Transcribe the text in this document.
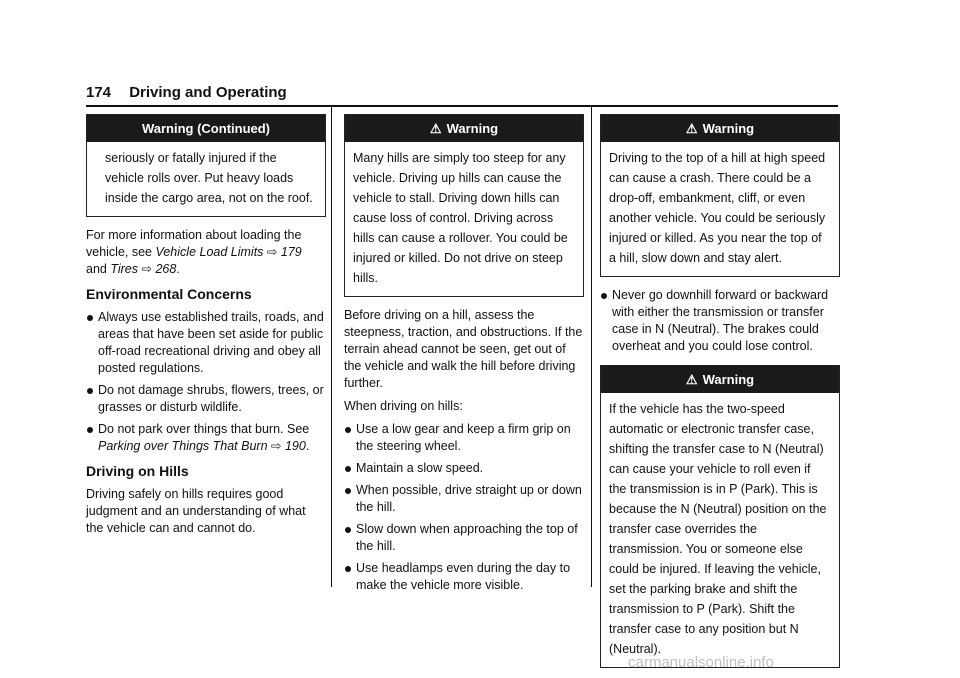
174 Driving and Operating
Warning (Continued)
seriously or fatally injured if the vehicle rolls over. Put heavy loads inside the cargo area, not on the roof.

For more information about loading the vehicle, see Vehicle Load Limits ⇨ 179 and Tires ⇨ 268.

Environmental Concerns
Always use established trails, roads, and areas that have been set aside for public off-road recreational driving and obey all posted regulations.
Do not damage shrubs, flowers, trees, or grasses or disturb wildlife.
Do not park over things that burn. See Parking over Things That Burn ⇨ 190.
Driving on Hills

Driving safely on hills requires good judgment and an understanding of what the vehicle can and cannot do.

⚠ Warning
Many hills are simply too steep for any vehicle. Driving up hills can cause the vehicle to stall. Driving down hills can cause loss of control. Driving across hills can cause a rollover. You could be injured or killed. Do not drive on steep hills.

Before driving on a hill, assess the steepness, traction, and obstructions. If the terrain ahead cannot be seen, get out of the vehicle and walk the hill before driving further.

When driving on hills:

Use a low gear and keep a firm grip on the steering wheel.
Maintain a slow speed.
When possible, drive straight up or down the hill.
Slow down when approaching the top of the hill.
Use headlamps even during the day to make the vehicle more visible.
⚠ Warning
Driving to the top of a hill at high speed can cause a crash. There could be a drop-off, embankment, cliff, or even another vehicle. You could be seriously injured or killed. As you near the top of a hill, slow down and stay alert.
Never go downhill forward or backward with either the transmission or transfer case in N (Neutral). The brakes could overheat and you could lose control.
⚠ Warning
If the vehicle has the two-speed automatic or electronic transfer case, shifting the transfer case to N (Neutral) can cause your vehicle to roll even if the transmission is in P (Park). This is because the N (Neutral) position on the transfer case overrides the transmission. You or someone else could be injured. If leaving the vehicle, set the parking brake and shift the transmission to P (Park). Shift the transfer case to any position but N (Neutral).
carmanualsonline.info
